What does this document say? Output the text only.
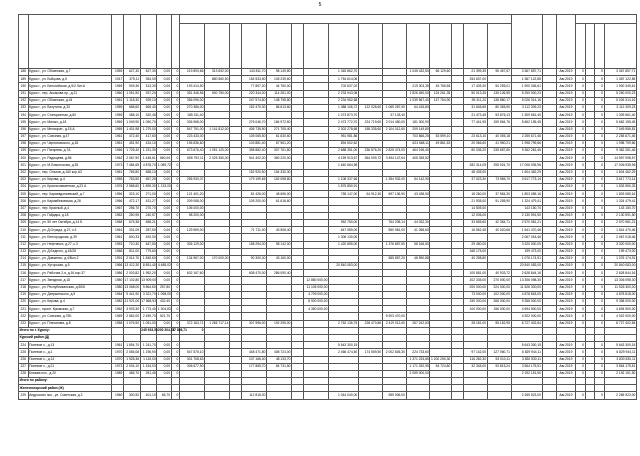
5

188	Курск г., ул. Обоянская, д.7	1959	627,30	627,30	0,00	0	219 893,66	313 692,00		143 811,70	98 149,80			1 345 862,70			1 045 432,50	66 129,60		21 399,35	96 457,57	3 367 857,71		Авг.2019	0		0	3 367 857,71
189	Курск г., ул. Бойцова, д.5	1917	375,11	354,00	0,00	0		880 560,50		154 533,50	105 239,60			1 754 614,06						254 637,00		1 387 122,85		Авг.2019	0		0	1 387 122,85
190	Курск г., ул. Бельгийская, д.5/2 Лит.А	1969	949,36	513,30	0,00	0	193 414,50			77 857,00	44 760,00			702 637,02			219 303,35	45 766,55		17 405,30	54 255,01	1 900 345,61		Авг.2019	0		0	1 900 345,61
191	Курск г., пер. Аксакова пр., д.21	1960	1 051,50	937,20	0,00	0	351 346,56	500 750,00		220 344,00	114 281,00			2 233 943,08			1 826 450,00	124 261,35		50 013,35	135 126,55	5 250 000,23		Авг.2019	0		0	5 250 000,23
192	Курск г., ул. Обоянская, д.44	1961	1 118,30	939,10	0,00	0	356 096,00			247 574,80	148 798,80			2 234 952,68			1 039 567,40	147 784,90		55 311,20	138 860,17	5 026 314,16		Авг.2019	0		0	5 026 314,16
193	Курск г., ул. Ватутина, д.33	1959	668,60	665,40	0,00	0	270 386,00			152 470,30	86 613,60			1 388 106,72	122 028,60	1 069 287,50	64 415,80			31 645,65	80 355,90	3 112 309,23		Авг.2019	0		0	3 112 309,23
194	Курск г., ул. Станционная, д.60	1959	458,10	320,46	0,00	0	185 311,40							1 073 873,70		37 133,40				21 473,45	53 876,13	1 309 661,40		Авг.2019	0		0	1 309 661,40
195	Курск г., ул. Малых, д.18	1969	1 049,90	1 050,70	0,00	0	336 968,00			276 046,70	184 972,60			2 473 772,70	224 719,60	2 014 450,00	181 300,90			77 441,95	159 564,76	5 662 155,45		Авг.2019	0		0	5 662 155,45
196	Курск г., ул. Мелиорат., д.15,А	1969	1 401,98	1 279,00	0,00	0	547 791,00	1 141 812,00		406 735,50	271 705,40			2 302 278,68	158 335,60	2 104 012,60	209 149,80							Авг.2019	0		0	7 049 556,81
197	Курск г., ул. Союзная, д.47	1961	472,40	417,60	0,00	0	223 433,00			105 065,50	61 630,60			951 981,86			703 866,25	53 599,10		23 613,10	40 055,18	2 255 671,46		Авг.2019	0		0	2 255 671,46
198	Курск г., ул. Черняховского, д.18	1961	451,90	434,10	0,00	0	196 836,60			103 881,40	67 961,20			894 502,62			623 668,11	49 861,53		20 066,60	41 980,21	1 998 799,66		Авг.2019	0		0	1 998 799,66
199	Курск г., ул. Пигорева, д.7А	1966	1 725,40	1 231,30	0,00	0	673 676,40	1 051 120,00		398 882,40	307 761,80			2 688 351,00	236 576,20	2 825 474,00	464 196,40			80 036,20	235 687,80	9 362 281,46		Авг.2019	0		0	9 362 281,46
200	Курск г., ул. Радищева, д.86	1962	2 067,90	1 448,61	660,00	0	655 792,11	2 025 350,00		541 402,00	360 220,00			4 159 913,67	364 009,72	3 494 147,64	405 339,52							Авг.2019	0		0	14 597 098,57
201	Курск г., ул. М.Ломоносова, д.35	1973	7 484,65	4 878,70	1 089,72	0								1 640 664,98						282 314,05	295 924,70	17 006 935,96		Авг.2019	0		0	17 006 935,96
202	Курск г., пер. Ольхов, д.160 кор.А3	1961	765,80	658,10	0,00	0				152 920,50	154 330,30									48 435,00		1 604 462,29		Авг.2019	0		0	1 604 462,29
203	Курск г., ул. Кирова, д.4	1955	763,50	657,25	0,00	0	255 930,07			179 199,65	152 098,80			1 108 337,66		1 354 932,00	54 142,90			37 023,30	73 986,70	3 617 773,14		Авг.2019	0		0	3 617 773,14
204	Курск г., ул. Краснознаменная, д.23 А	1976	2 568,60	1 899,30	1 133,00	0								1 875 850,91										Авг.2019	0		0	1 833 550,33
205	Курск г., пер. Караевдоньевский, д.7	1956	323,10	271,00	0,00	0	121 401,20			81 426,00	48 696,00			755 147,00	64 912,30	697 136,90	43 438,50			18 260,00	37 584,30	1 803 085,16		Авг.2019	0		0	1 803 085,16
206	Курск г., ул. Каримбековская, д.26	1966	472,17	431,27	0,00	0	209 068,00			105 200,00	61 616,60									21 935,00	51 285,90	1 324 479,41		Авг.2019	0		0	1 324 479,41
207	Курск г., пер. Красный, д.4	1967	256,70	270,70	0,00	0	106 000,00													14 505,00		143 150,70		Авг.2019	0		0	143 150,70
208	Курск г., ул. Гайдара, д.18	1962	250,95	240,57	0,00	0	98 200,00													12 006,00		2 130 591,50		Авг.2019	0		0	2 130 591,50
209	Курск г., ул. 50 лет Октября, д.14 Б	1968	675,38	658,21	0,00	0								952 750,00		764 208,14	44 032,30			33 655,60	42 384,71	2 570 981,21		Авг.2019	0		0	2 570 981,21
210	Курск г., ул. Д.Отрада, д.27, к.3	1961	331,05	287,50	0,00	0	129 969,00			71 711,00	43 508,40			647 089,00		550 981,00	41 396,60			16 552,45	40 020,66	1 541 470,46		Авг.2019	0		0	1 541 470,46
211	Курск г., ул. Белгородская, д.39	1961	600,33	492,00	0,00	0								1 306 130,00								2 067 018,46		Авг.2019	0		0	2 067 018,46
212	Курск г., ул. Нефтяных, д.27, к.3	1953	710,30	647,50	0,00	0	306 129,00			158 294,00	98 142,00			1 420 855,00		1 376 887,50	58 166,50			29 450,00		3 320 000,00		Авг.2019	0		0	3 320 000,00
213	Курск г., ул. Д.Бедного, д.18/28	1968	811,00	779,60	0,00	0														168 175,00		199 473,00		Авг.2019	0		0	199 473,00
214	Курск г., ул. Довженко, д.4/Вол.2	1991	2 014,70	1 845,60	0,00	0	134 967,00	170 000,00		90 300,00	43 160,00					585 857,20	48 590,88			40 298,80		1 076 174,91		Авг.2019	0		0	1 076 174,91
215	Курск г., ул. Хуторская, д.5	1966	13 412,30	8 851,40	4 488,02	0								20 840 083,00								20 840 083,00		Авг.2019	0		0	20 840 083,00
216	Курск г., ул. Рабочая 2-я, д.16 кор.37	1986	2 003,82	1 952,20	0,00	0	602 167,60			608 470,00	286 090,40									100 681,00	40 933,72	2 628 844,16		Авг.2019	0		0	2 628 844,16
217	Курск г., ул. Звездная, д.18	1980	17 102,80	13 909,00	0,00	0							12 880 000,00							202 335,00	270 000,00	13 306 098,30		Авг.2019	0		0	13 306 098,30
218	Курск г., ул. Республиканская, д.50/6	1980	13 068,00	9 864,60	257,80	0							11 105 000,00							200 000,00	224 000,00	11 526 300,00		Авг.2019	0		0	11 526 300,00
219	Курск г., ул. Дзержинского, д.5	1964	9 441,90	3 321,70	1 098,00	0							4 709 000,00							73 000,00	102 000,00	4 878 818,00		Авг.2019	0		0	4 878 818,00
220	Курск г., ул. Кирова, д.4	1982	21 921,00	17 868,93	432,40	0							8 900 000,00							150 000,00	268 000,00	9 358 000,00		Авг.2019	0		0	9 358 000,00
221	Курск г., просп. Крымская, д.7	1962	3 933,30	1 773,40	1 304,83	0							4 350 000,00							100 000,00	156 000,00	4 694 500,00		Авг.2019	0		0	4 694 500,00
222	Курск г., ул. Союзная, д.75Б	1969	2 662,00	2 459,70	521,70	0										5 903 470,00						4 922 000,00		Авг.2019	0		0	4 922 000,00
223	Курск г., ул. Плеханова, д.8	1958	1 076,90	1 051,00	0,00	0	372 163,71	1 265 717,14		307 996,00	192 295,00			2 762 136,75	228 470,86	2 419 012,60	267 242,83			28 181,00	55 182,95	8 727 402,84		Авг.2019	0		0	8 727 402,84
Итого по г. Курску:				245 933,50	200 204,74	27 898,71	0																					
Курский район (Д)																												
224	Полевое с., д.13	1961	1 894,70	1 241,70	0,00	0								5 643 300,15								5 643 300,15		Авг.2019	0		0	5 643 300,15
225	Полевое с., д.1	1970	2 065,08	1 196,90	0,00	0	547 575,10			448 471,80	408 724,00			2 466 474,50	174 559,50	2 002 845,30	224 733,60			97 142,00	127 060,71	6 829 944,11		Авг.2019	0		0	6 829 944,11
226	Полевое с., д.14	1970	1 928,36	1 115,00	0,00	0	301 708,63			107 166,40	48 133,70						1 371 233,85	1 202 250,30		116 282,30	53 010,11	3 830 530,11		Авг.2019	0		0	3 830 530,11
227	Полевое с., д.21	1973	2 004,10	1 154,03	0,00	0	306 677,90			177 865,70	84 731,50						1 171 332,95	54 724,80		32 345,00	93 815,24	3 564 175,51		Авг.2019	0		0	3 564 175,51
228	Клюква пос., д.20	1989	465,70	281,45	0,00	0											2 059 000,00					2 192 151,50		Авг.2019	0		0	2 192 151,50
Итого по району:																												
Железногорский район (Ж)																												
229	Андросово пос., ул. Советская, д.2	1960	300,90	401,10	66,70	0				112 815,00				1 044 040,00		955 906,00						2 265 523,00		Авг.2019	0		0	2 265 523,00
